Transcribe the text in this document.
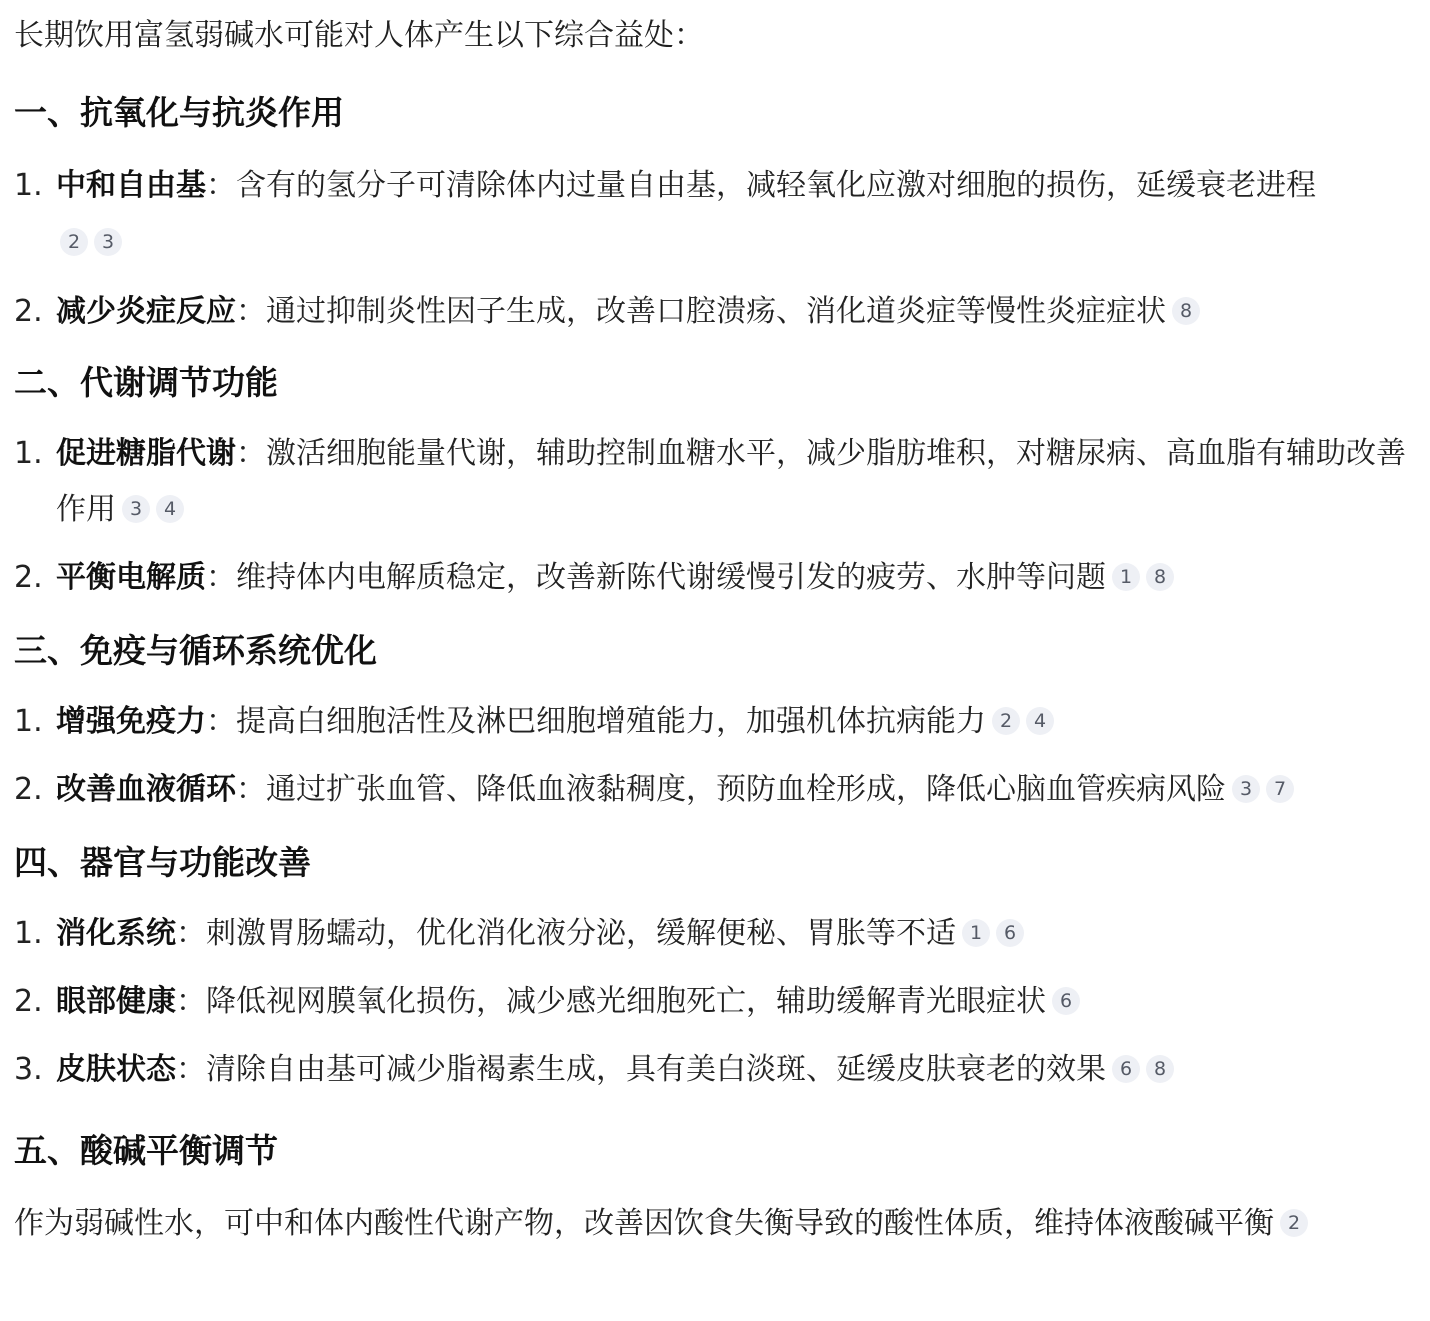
长期饮用富氢弱碱水可能对人体产生以下综合益处：

一、抗氧化与抗炎作用
1. 中和自由基：含有的氢分子可清除体内过量自由基，减轻氧化应激对细胞的损伤，延缓衰老进程
2 3
2. 减少炎症反应：通过抑制炎性因子生成，改善口腔溃疡、消化道炎症等慢性炎症症状 8
二、代谢调节功能
1. 促进糖脂代谢：激活细胞能量代谢，辅助控制血糖水平，减少脂肪堆积，对糖尿病、高血脂有辅助改善作用 3 4
2. 平衡电解质：维持体内电解质稳定，改善新陈代谢缓慢引发的疲劳、水肿等问题 1 8
三、免疫与循环系统优化
1. 增强免疫力：提高白细胞活性及淋巴细胞增殖能力，加强机体抗病能力 2 4
2. 改善血液循环：通过扩张血管、降低血液黏稠度，预防血栓形成，降低心脑血管疾病风险 3 7
四、器官与功能改善
1. 消化系统：刺激胃肠蠕动，优化消化液分泌，缓解便秘、胃胀等不适 1 6
2. 眼部健康：降低视网膜氧化损伤，减少感光细胞死亡，辅助缓解青光眼症状 6
3. 皮肤状态：清除自由基可减少脂褐素生成，具有美白淡斑、延缓皮肤衰老的效果 6 8
五、酸碱平衡调节

作为弱碱性水，可中和体内酸性代谢产物，改善因饮食失衡导致的酸性体质，维持体液酸碱平衡 2
